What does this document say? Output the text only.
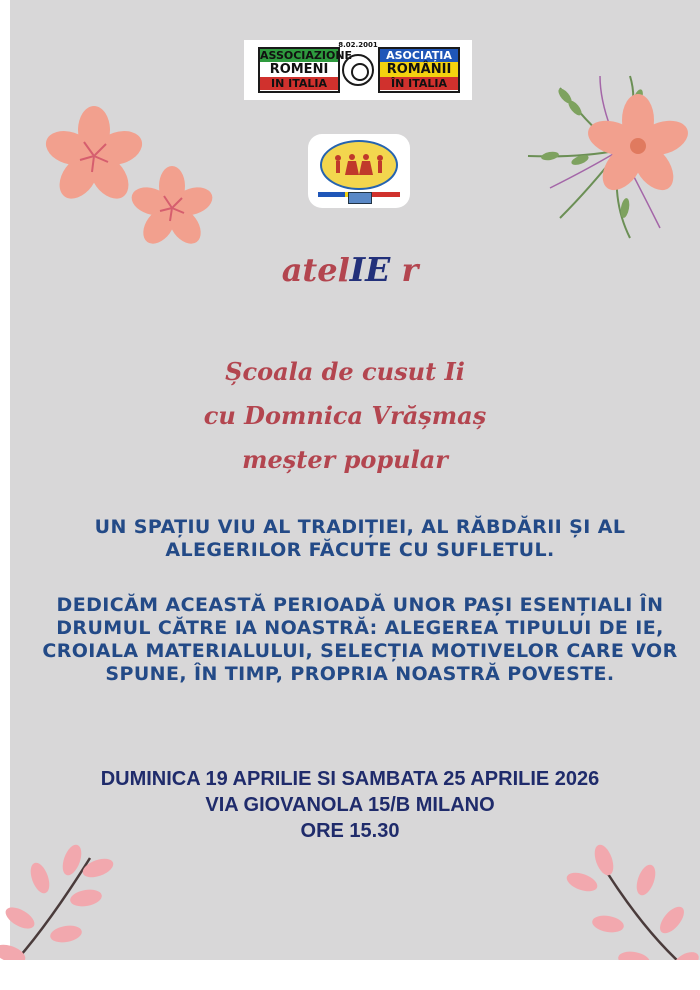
ASSOCIAZIONE
ROMENI
IN ITALIA
8.02.2001
ASOCIAȚIA
ROMÂNII
ÎN ITALIA
atelIE r
Școala de cusut Ii
cu Domnica Vrășmaș
meșter popular
UN SPAȚIU VIU AL TRADIȚIEI, AL RĂBDĂRII ȘI AL ALEGERILOR FĂCUTE CU SUFLETUL.
DEDICĂM ACEASTĂ PERIOADĂ UNOR PAȘI ESENȚIALI ÎN DRUMUL CĂTRE IA NOASTRĂ: ALEGEREA TIPULUI DE IE, CROIALA MATERIALULUI, SELECȚIA MOTIVELOR CARE VOR SPUNE, ÎN TIMP, PROPRIA NOASTRĂ POVESTE.
DUMINICA 19 APRILIE SI SAMBATA 25 APRILIE 2026
VIA GIOVANOLA 15/B MILANO
ORE 15.30
